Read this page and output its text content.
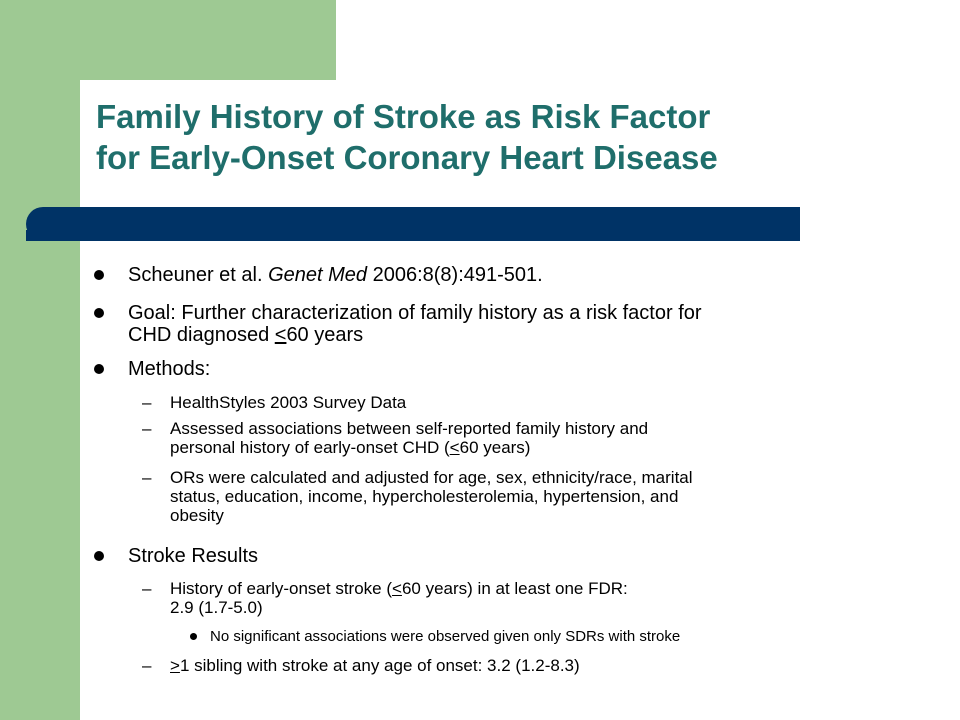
Family History of Stroke as Risk Factor
for Early-Onset Coronary Heart Disease
Scheuner et al. Genet Med 2006:8(8):491-501.
Goal: Further characterization of family history as a risk factor for
CHD diagnosed <60 years
Methods:
– HealthStyles 2003 Survey Data
– Assessed associations between self-reported family history and
personal history of early-onset CHD (<60 years)
– ORs were calculated and adjusted for age, sex, ethnicity/race, marital
status, education, income, hypercholesterolemia, hypertension, and
obesity
Stroke Results
– History of early-onset stroke (<60 years) in at least one FDR:
2.9 (1.7-5.0)
No significant associations were observed given only SDRs with stroke
– >1 sibling with stroke at any age of onset: 3.2 (1.2-8.3)
